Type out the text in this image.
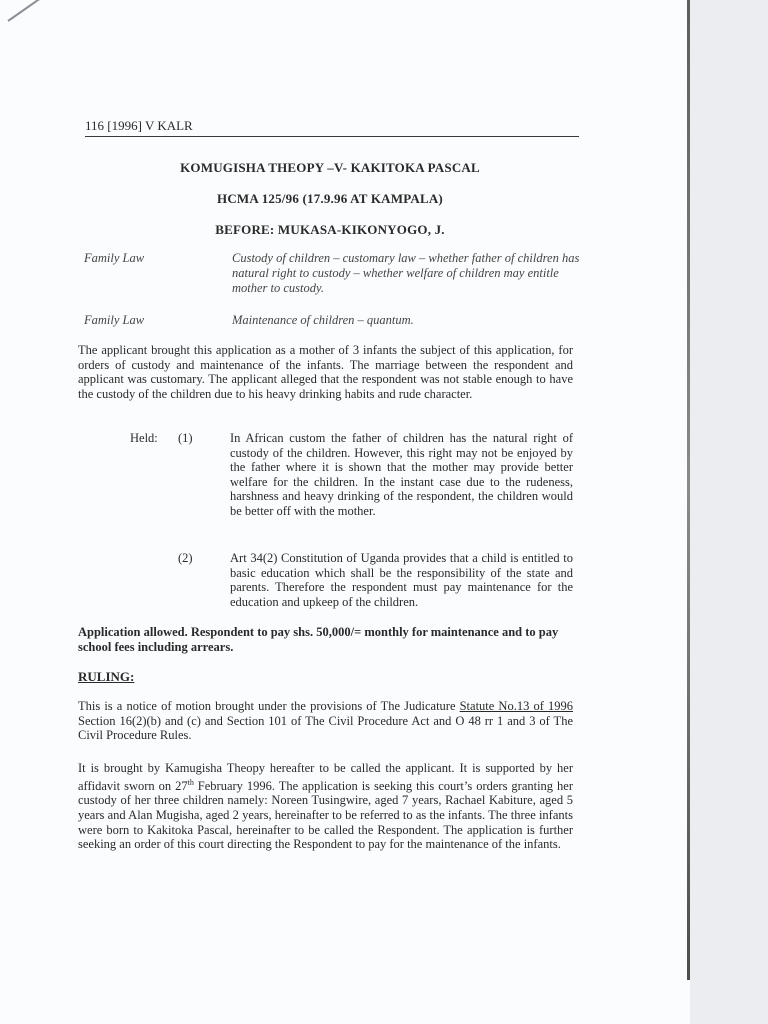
116 [1996] V KALR
KOMUGISHA THEOPY –V- KAKITOKA PASCAL
HCMA 125/96 (17.9.96 AT KAMPALA)
BEFORE: MUKASA-KIKONYOGO, J.
Family Law	Custody of children – customary law – whether father of children has natural right to custody – whether welfare of children may entitle mother to custody.
Family Law	Maintenance of children – quantum.
The applicant brought this application as a mother of 3 infants the subject of this application, for orders of custody and maintenance of the infants. The marriage between the respondent and applicant was customary. The applicant alleged that the respondent was not stable enough to have the custody of the children due to his heavy drinking habits and rude character.
Held: (1)	In African custom the father of children has the natural right of custody of the children. However, this right may not be enjoyed by the father where it is shown that the mother may provide better welfare for the children. In the instant case due to the rudeness, harshness and heavy drinking of the respondent, the children would be better off with the mother.
(2)	Art 34(2) Constitution of Uganda provides that a child is entitled to basic education which shall be the responsibility of the state and parents. Therefore the respondent must pay maintenance for the education and upkeep of the children.
Application allowed. Respondent to pay shs. 50,000/= monthly for maintenance and to pay school fees including arrears.
RULING:
This is a notice of motion brought under the provisions of The Judicature Statute No.13 of 1996 Section 16(2)(b) and (c) and Section 101 of The Civil Procedure Act and O 48 rr 1 and 3 of The Civil Procedure Rules.
It is brought by Kamugisha Theopy hereafter to be called the applicant. It is supported by her affidavit sworn on 27th February 1996. The application is seeking this court’s orders granting her custody of her three children namely: Noreen Tusingwire, aged 7 years, Rachael Kabiture, aged 5 years and Alan Mugisha, aged 2 years, hereinafter to be referred to as the infants. The three infants were born to Kakitoka Pascal, hereinafter to be called the Respondent. The application is further seeking an order of this court directing the Respondent to pay for the maintenance of the infants.
